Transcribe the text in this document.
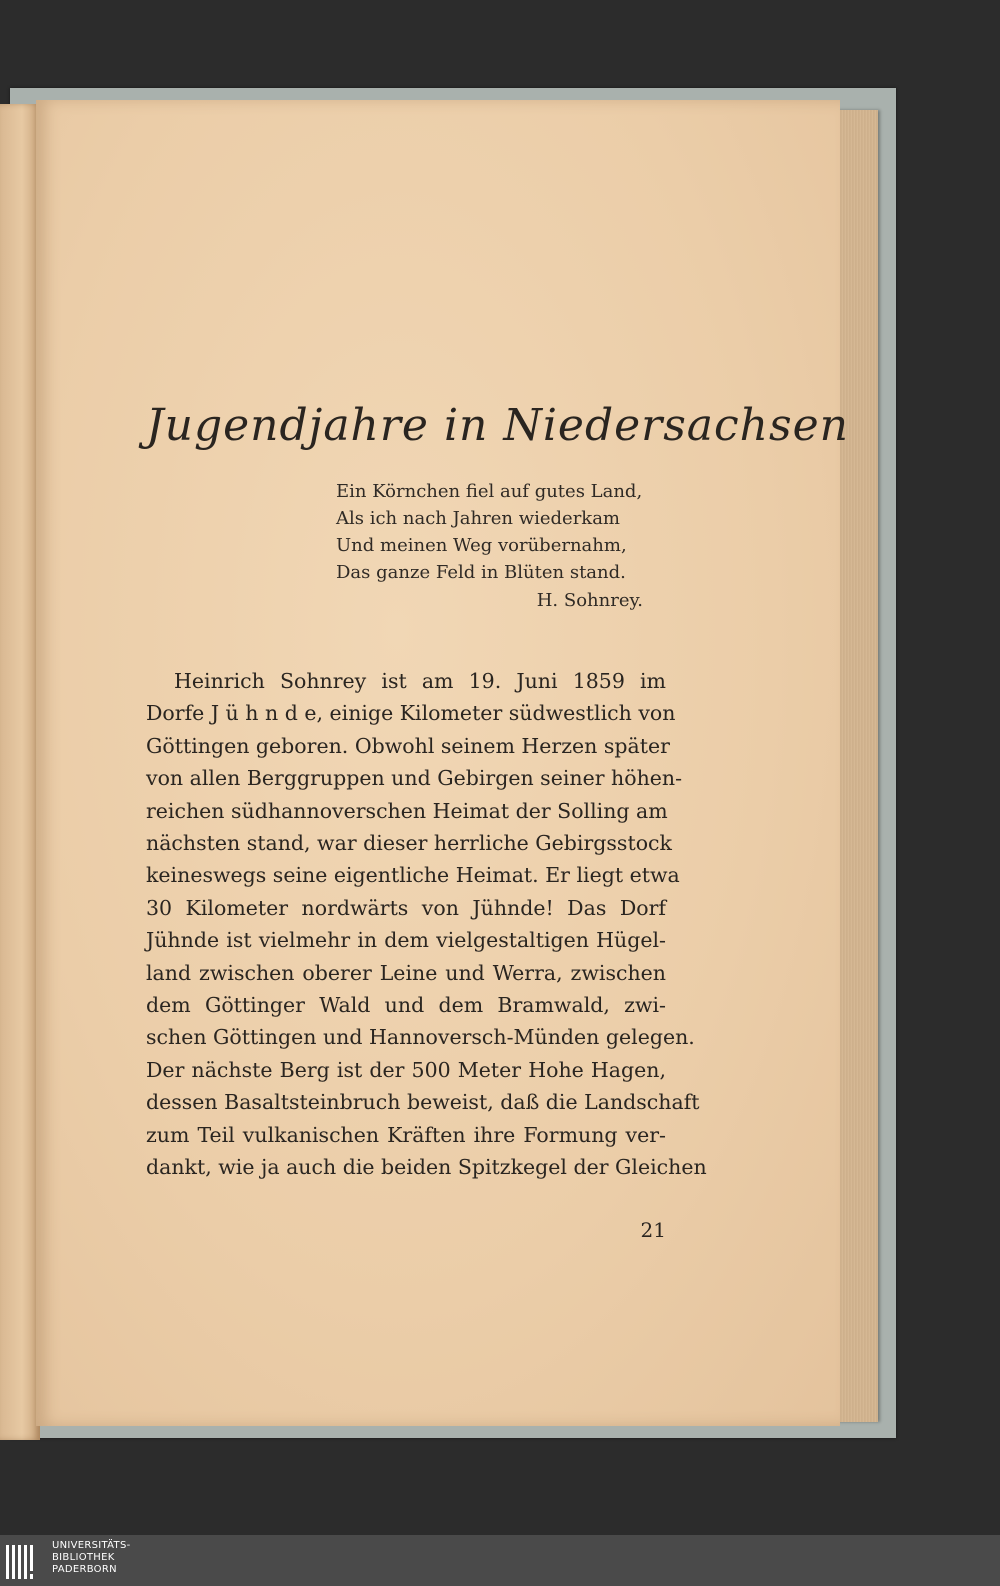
Jugendjahre in Niedersachsen
Ein Körnchen fiel auf gutes Land,
Als ich nach Jahren wiederkam
Und meinen Weg vorübernahm,
Das ganze Feld in Blüten stand.
H. Sohnrey.
Heinrich Sohnrey ist am 19. Juni 1859 im
Dorfe J ü h n d e, einige Kilometer südwestlich von
Göttingen geboren. Obwohl seinem Herzen später
von allen Berggruppen und Gebirgen seiner höhen-
reichen südhannoverschen Heimat der Solling am
nächsten stand, war dieser herrliche Gebirgsstock
keineswegs seine eigentliche Heimat. Er liegt etwa
30 Kilometer nordwärts von Jühnde! Das Dorf
Jühnde ist vielmehr in dem vielgestaltigen Hügel-
land zwischen oberer Leine und Werra, zwischen
dem Göttinger Wald und dem Bramwald, zwi-
schen Göttingen und Hannoversch-Münden gelegen.
Der nächste Berg ist der 500 Meter Hohe Hagen,
dessen Basaltsteinbruch beweist, daß die Landschaft
zum Teil vulkanischen Kräften ihre Formung ver-
dankt, wie ja auch die beiden Spitzkegel der Gleichen
21
UNIVERSITÄTS-
BIBLIOTHEK
PADERBORN
